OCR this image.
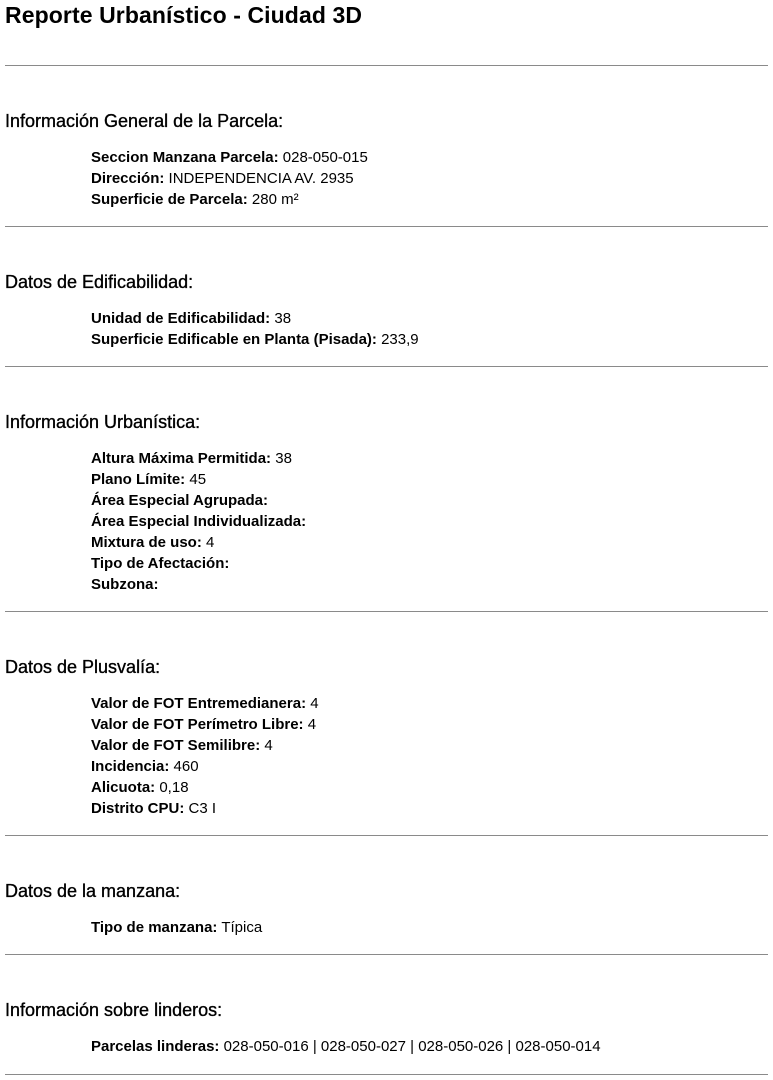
Reporte Urbanístico - Ciudad 3D
Información General de la Parcela:
Seccion Manzana Parcela: 028-050-015
Dirección: INDEPENDENCIA AV. 2935
Superficie de Parcela: 280 m²
Datos de Edificabilidad:
Unidad de Edificabilidad: 38
Superficie Edificable en Planta (Pisada): 233,9
Información Urbanística:
Altura Máxima Permitida: 38
Plano Límite: 45
Área Especial Agrupada:
Área Especial Individualizada:
Mixtura de uso: 4
Tipo de Afectación:
Subzona:
Datos de Plusvalía:
Valor de FOT Entremedianera: 4
Valor de FOT Perímetro Libre: 4
Valor de FOT Semilibre: 4
Incidencia: 460
Alicuota: 0,18
Distrito CPU: C3 I
Datos de la manzana:
Tipo de manzana: Típica
Información sobre linderos:
Parcelas linderas: 028-050-016 | 028-050-027 | 028-050-026 | 028-050-014
